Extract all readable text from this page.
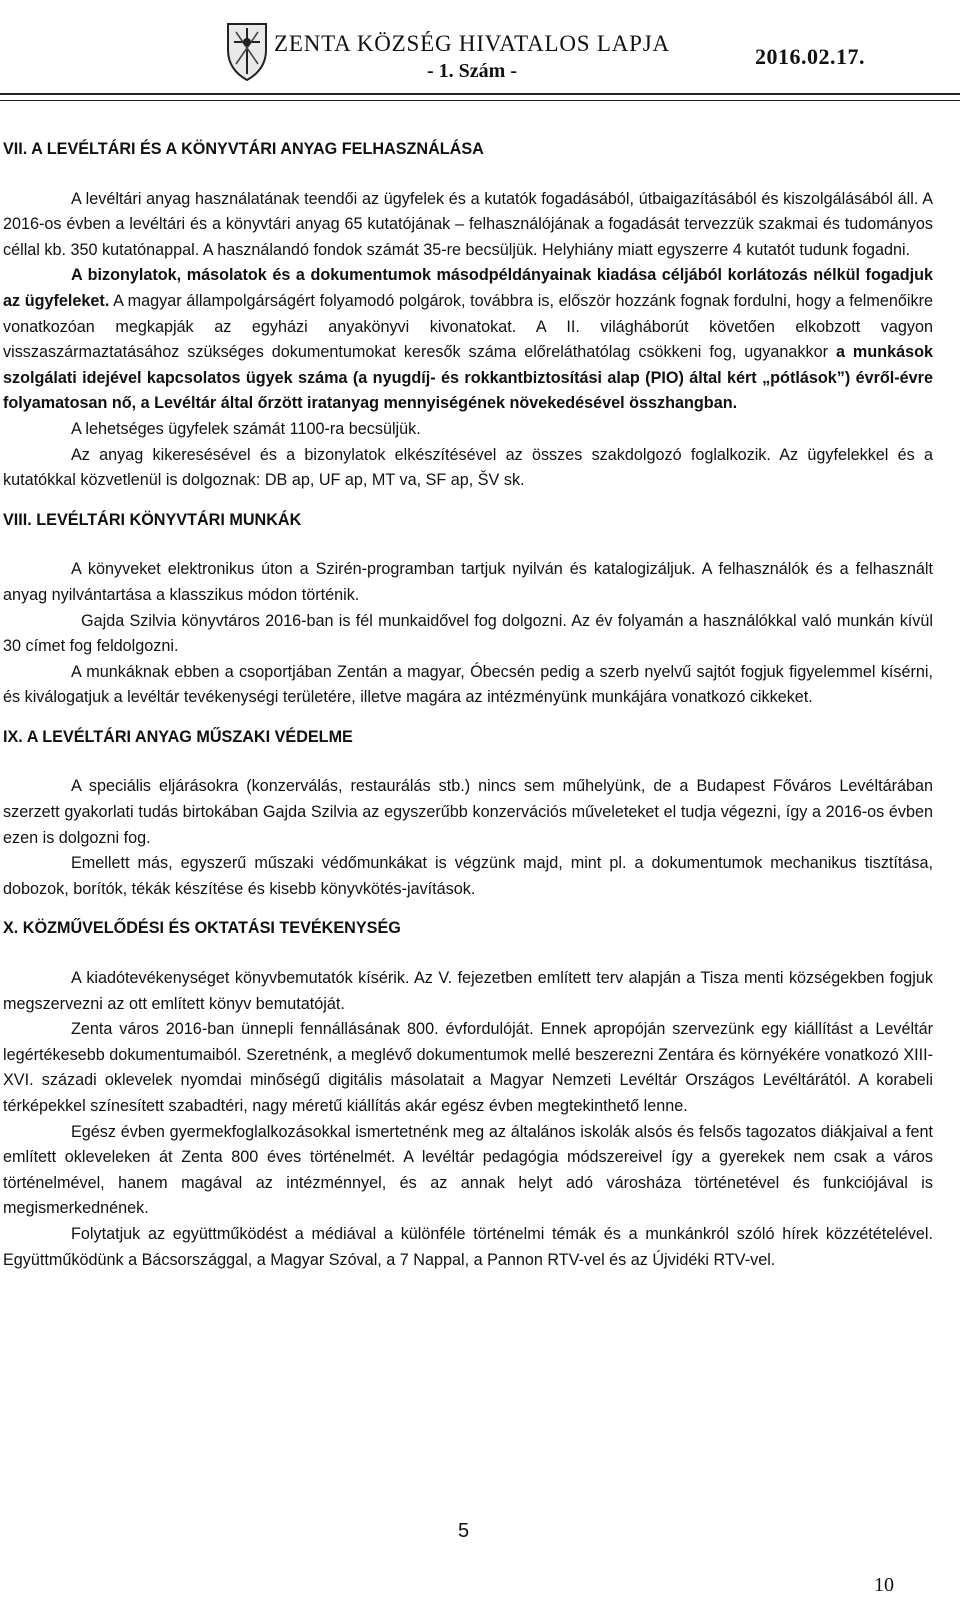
ZENTA KÖZSÉG HIVATALOS LAPJA
- 1. Szám -
2016.02.17.
VII. A LEVÉLTÁRI ÉS A KÖNYVTÁRI ANYAG FELHASZNÁLÁSA

A levéltári anyag használatának teendői az ügyfelek és a kutatók fogadásából, útbaigazításából és kiszolgálásából áll. A 2016-os évben a levéltári és a könyvtári anyag 65 kutatójának – felhasználójának a fogadását tervezzük szakmai és tudományos céllal kb. 350 kutatónappal. A használandó fondok számát 35-re becsüljük. Helyhiány miatt egyszerre 4 kutatót tudunk fogadni.

A bizonylatok, másolatok és a dokumentumok másodpéldányainak kiadása céljából korlátozás nélkül fogadjuk az ügyfeleket. A magyar állampolgárságért folyamodó polgárok, továbbra is, először hozzánk fognak fordulni, hogy a felmenőikre vonatkozóan megkapják az egyházi anyakönyvi kivonatokat. A II. világháborút követően elkobzott vagyon visszaszármaztatásához szükséges dokumentumokat keresők száma előreláthatólag csökkeni fog, ugyanakkor a munkások szolgálati idejével kapcsolatos ügyek száma (a nyugdíj- és rokkantbiztosítási alap (PIO) által kért „pótlások”) évről-évre folyamatosan nő, a Levéltár által őrzött iratanyag mennyiségének növekedésével összhangban.

A lehetséges ügyfelek számát 1100-ra becsüljük.

Az anyag kikeresésével és a bizonylatok elkészítésével az összes szakdolgozó foglalkozik. Az ügyfelekkel és a kutatókkal közvetlenül is dolgoznak: DB ap, UF ap, MT va, SF ap, ŠV sk.

VIII. LEVÉLTÁRI KÖNYVTÁRI MUNKÁK

A könyveket elektronikus úton a Szirén-programban tartjuk nyilván és katalogizáljuk. A felhasználók és a felhasznált anyag nyilvántartása a klasszikus módon történik.

Gajda Szilvia könyvtáros 2016-ban is fél munkaidővel fog dolgozni. Az év folyamán a használókkal való munkán kívül 30 címet fog feldolgozni.

A munkáknak ebben a csoportjában Zentán a magyar, Óbecsén pedig a szerb nyelvű sajtót fogjuk figyelemmel kísérni, és kiválogatjuk a levéltár tevékenységi területére, illetve magára az intézményünk munkájára vonatkozó cikkeket.

IX. A LEVÉLTÁRI ANYAG MŰSZAKI VÉDELME

A speciális eljárásokra (konzerválás, restaurálás stb.) nincs sem műhelyünk, de a Budapest Főváros Levéltárában szerzett gyakorlati tudás birtokában Gajda Szilvia az egyszerűbb konzervációs műveleteket el tudja végezni, így a 2016-os évben ezen is dolgozni fog.

Emellett más, egyszerű műszaki védőmunkákat is végzünk majd, mint pl. a dokumentumok mechanikus tisztítása, dobozok, borítók, tékák készítése és kisebb könyvkötés-javítások.

X. KÖZMŰVELŐDÉSI ÉS OKTATÁSI TEVÉKENYSÉG

A kiadótevékenységet könyvbemutatók kísérik. Az V. fejezetben említett terv alapján a Tisza menti községekben fogjuk megszervezni az ott említett könyv bemutatóját.

Zenta város 2016-ban ünnepli fennállásának 800. évfordulóját. Ennek apropóján szervezünk egy kiállítást a Levéltár legértékesebb dokumentumaiból. Szeretnénk, a meglévő dokumentumok mellé beszerezni Zentára és környékére vonatkozó XIII-XVI. századi oklevelek nyomdai minőségű digitális másolatait a Magyar Nemzeti Levéltár Országos Levéltárától. A korabeli térképekkel színesített szabadtéri, nagy méretű kiállítás akár egész évben megtekinthető lenne.

Egész évben gyermekfoglalkozásokkal ismertetnénk meg az általános iskolák alsós és felsős tagozatos diákjaival a fent említett okleveleken át Zenta 800 éves történelmét. A levéltár pedagógia módszereivel így a gyerekek nem csak a város történelmével, hanem magával az intézménnyel, és az annak helyt adó városháza történetével és funkciójával is megismerkednének.

Folytatjuk az együttműködést a médiával a különféle történelmi témák és a munkánkról szóló hírek közzétételével. Együttműködünk a Bácsországgal, a Magyar Szóval, a 7 Nappal, a Pannon RTV-vel és az Újvidéki RTV-vel.

5
10
